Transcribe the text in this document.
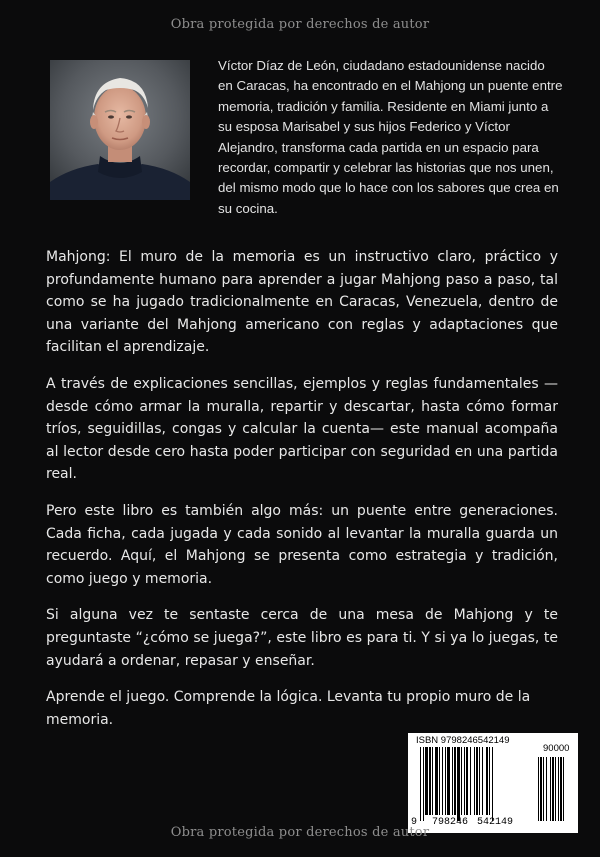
Obra protegida por derechos de autor

Víctor Díaz de León, ciudadano estadounidense nacido en Caracas, ha encontrado en el Mahjong un puente entre memoria, tradición y familia. Residente en Miami junto a su esposa Marisabel y sus hijos Federico y Víctor Alejandro, transforma cada partida en un espacio para recordar, compartir y celebrar las historias que nos unen, del mismo modo que lo hace con los sabores que crea en su cocina.

Mahjong: El muro de la memoria es un instructivo claro, práctico y profundamente humano para aprender a jugar Mahjong paso a paso, tal como se ha jugado tradicionalmente en Caracas, Venezuela, dentro de una variante del Mahjong americano con reglas y adaptaciones que facilitan el aprendizaje.

A través de explicaciones sencillas, ejemplos y reglas fundamentales —desde cómo armar la muralla, repartir y descartar, hasta cómo formar tríos, seguidillas, congas y calcular la cuenta— este manual acompaña al lector desde cero hasta poder participar con seguridad en una partida real.

Pero este libro es también algo más: un puente entre generaciones. Cada ficha, cada jugada y cada sonido al levantar la muralla guarda un recuerdo. Aquí, el Mahjong se presenta como estrategia y tradición, como juego y memoria.

Si alguna vez te sentaste cerca de una mesa de Mahjong y te preguntaste “¿cómo se juega?”, este libro es para ti. Y si ya lo juegas, te ayudará a ordenar, repasar y enseñar.

Aprende el juego. Comprende la lógica. Levanta tu propio muro de la memoria.

ISBN 9798246542149
90000
9 798246 542149
Obra protegida por derechos de autor
